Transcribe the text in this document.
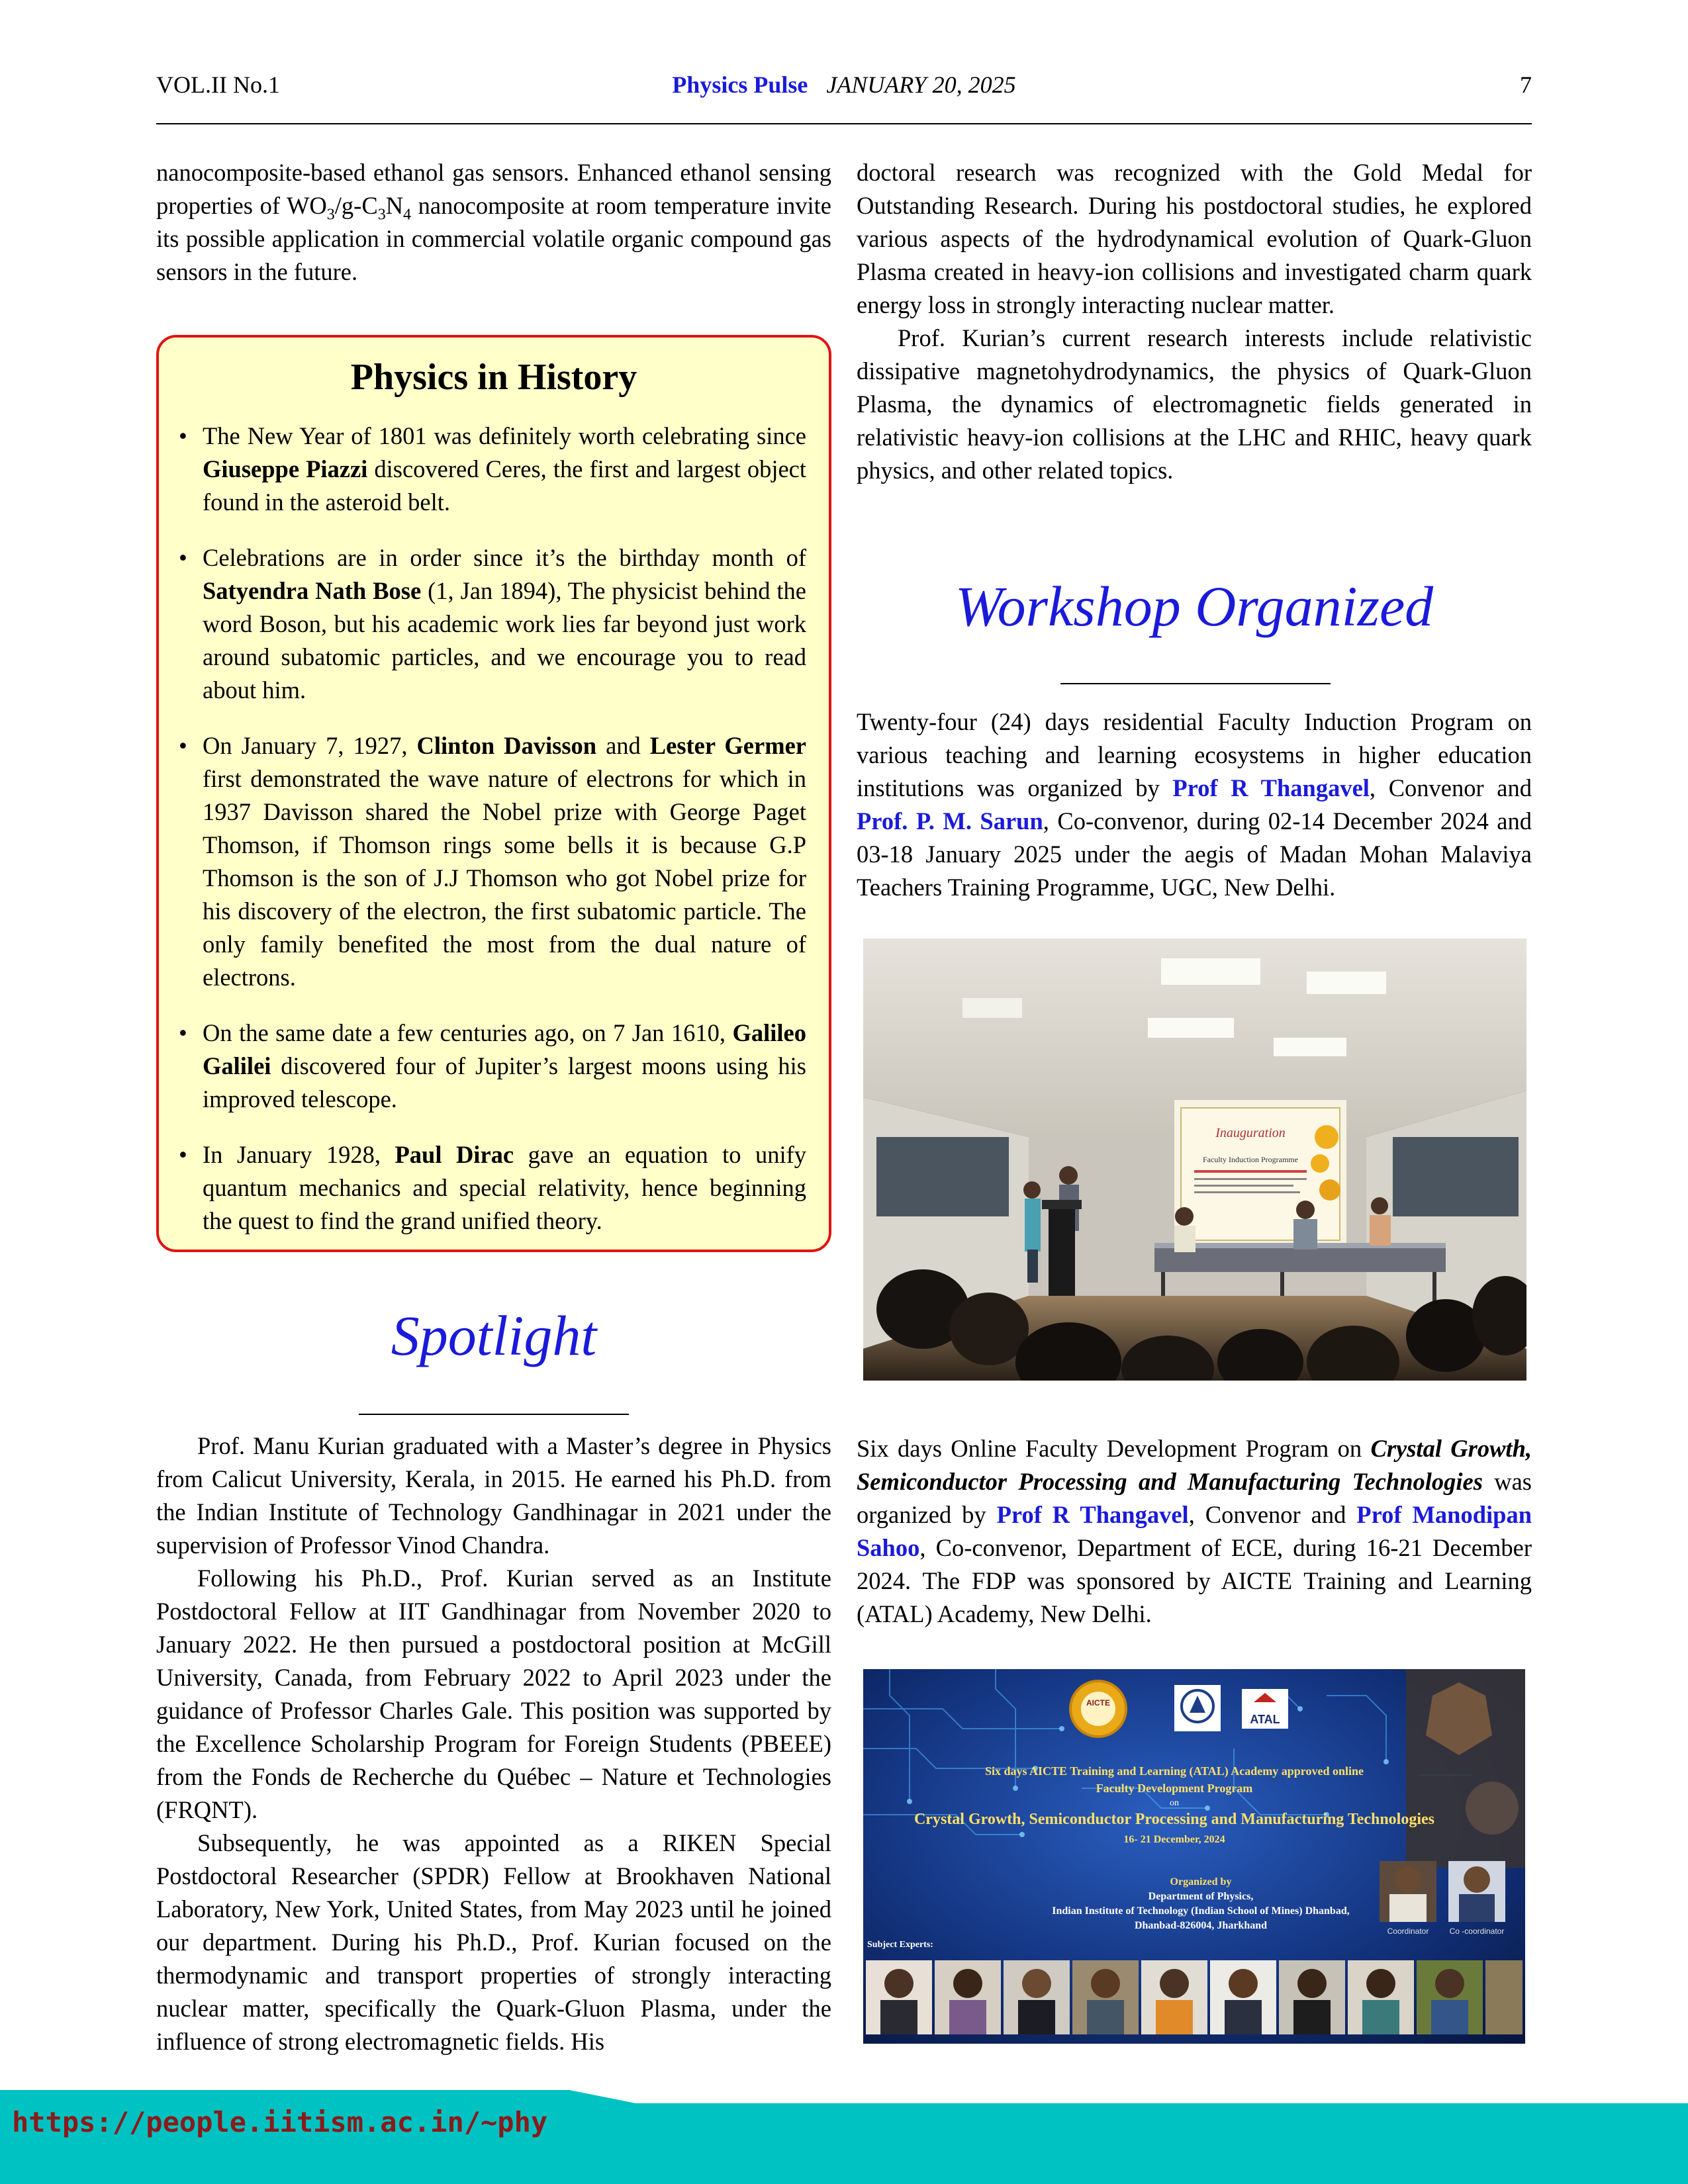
VOL.II No.1	Physics Pulse JANUARY 20, 2025	7

nanocomposite-based ethanol gas sensors. Enhanced ethanol sensing properties of $WO_3/g-C_3N_4$ nanocomposite at room temperature invite its possible application in commercial volatile organic compound gas sensors in the future.

Physics in History
• The New Year of 1801 was definitely worth celebrating since Giuseppe Piazzi discovered Ceres, the first and largest object found in the asteroid belt.
• Celebrations are in order since it’s the birthday month of Satyendra Nath Bose (1, Jan 1894), The physicist behind the word Boson, but his academic work lies far beyond just work around subatomic particles, and we encourage you to read about him.
• On January 7, 1927, Clinton Davisson and Lester Germer first demonstrated the wave nature of electrons for which in 1937 Davisson shared the Nobel prize with George Paget Thomson, if Thomson rings some bells it is because G.P Thomson is the son of J.J Thomson who got Nobel prize for his discovery of the electron, the first subatomic particle. The only family benefited the most from the dual nature of electrons.
• On the same date a few centuries ago, on 7 Jan 1610, Galileo Galilei discovered four of Jupiter’s largest moons using his improved telescope.
• In January 1928, Paul Dirac gave an equation to unify quantum mechanics and special relativity, hence beginning the quest to find the grand unified theory.
Spotlight

Prof. Manu Kurian graduated with a Master’s degree in Physics from Calicut University, Kerala, in 2015. He earned his Ph.D. from the Indian Institute of Technology Gandhinagar in 2021 under the supervision of Professor Vinod Chandra.

Following his Ph.D., Prof. Kurian served as an Institute Postdoctoral Fellow at IIT Gandhinagar from November 2020 to January 2022. He then pursued a postdoctoral position at McGill University, Canada, from February 2022 to April 2023 under the guidance of Professor Charles Gale. This position was supported by the Excellence Scholarship Program for Foreign Students (PBEEE) from the Fonds de Recherche du Québec – Nature et Technologies (FRQNT).

Subsequently, he was appointed as a RIKEN Special Postdoctoral Researcher (SPDR) Fellow at Brookhaven National Laboratory, New York, United States, from May 2023 until he joined our department. During his Ph.D., Prof. Kurian focused on the thermodynamic and transport properties of strongly interacting nuclear matter, specifically the Quark-Gluon Plasma, under the influence of strong electromagnetic fields. His

doctoral research was recognized with the Gold Medal for Outstanding Research. During his postdoctoral studies, he explored various aspects of the hydrodynamical evolution of Quark-Gluon Plasma created in heavy-ion collisions and investigated charm quark energy loss in strongly interacting nuclear matter.

Prof. Kurian’s current research interests include relativistic dissipative magnetohydrodynamics, the physics of Quark-Gluon Plasma, the dynamics of electromagnetic fields generated in relativistic heavy-ion collisions at the LHC and RHIC, heavy quark physics, and other related topics.

Workshop Organized

Twenty-four (24) days residential Faculty Induction Program on various teaching and learning ecosystems in higher education institutions was organized by Prof R Thangavel, Convenor and Prof. P. M. Sarun, Co-convenor, during 02-14 December 2024 and 03-18 January 2025 under the aegis of Madan Mohan Malaviya Teachers Training Programme, UGC, New Delhi.

Inauguration
Faculty Induction Programme

Six days Online Faculty Development Program on Crystal Growth, Semiconductor Processing and Manufacturing Technologies was organized by Prof R Thangavel, Convenor and Prof Manodipan Sahoo, Co-convenor, Department of ECE, during 16-21 December 2024. The FDP was sponsored by AICTE Training and Learning (ATAL) Academy, New Delhi.

AICTE
ATAL
Six days AICTE Training and Learning (ATAL) Academy approved online
Faculty Development Program
on
Crystal Growth, Semiconductor Processing and Manufacturing Technologies
16- 21 December, 2024
Organized by
Department of Physics,
Indian Institute of Technology (Indian School of Mines) Dhanbad,
Dhanbad-826004, Jharkhand	Coordinator	Co -coordinator
Subject Experts:
https://people.iitism.ac.in/~phy
